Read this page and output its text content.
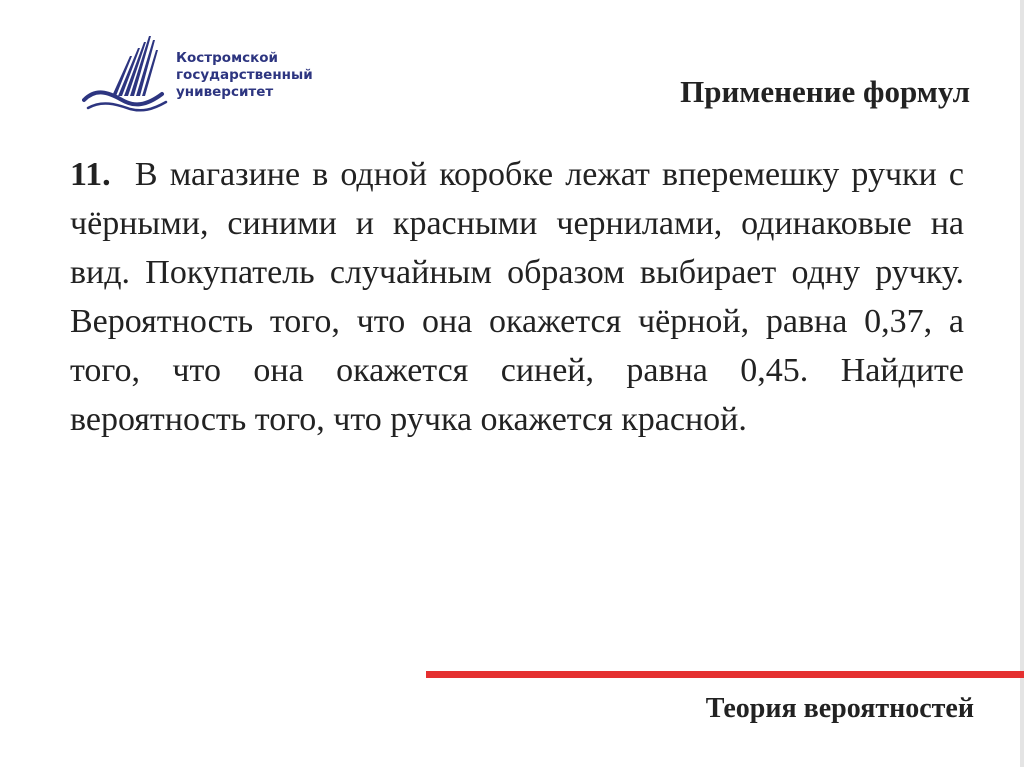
Костромской
государственный
университет	Применение формул
11. В магазине в одной коробке лежат вперемешку ручки с чёрными, синими и красными чернилами, одинаковые на вид. Покупатель случайным образом выбирает одну ручку. Вероятность того, что она окажется чёрной, равна 0,37, а того, что она окажется синей, равна 0,45. Найдите вероятность того, что ручка окажется красной.
Теория вероятностей
